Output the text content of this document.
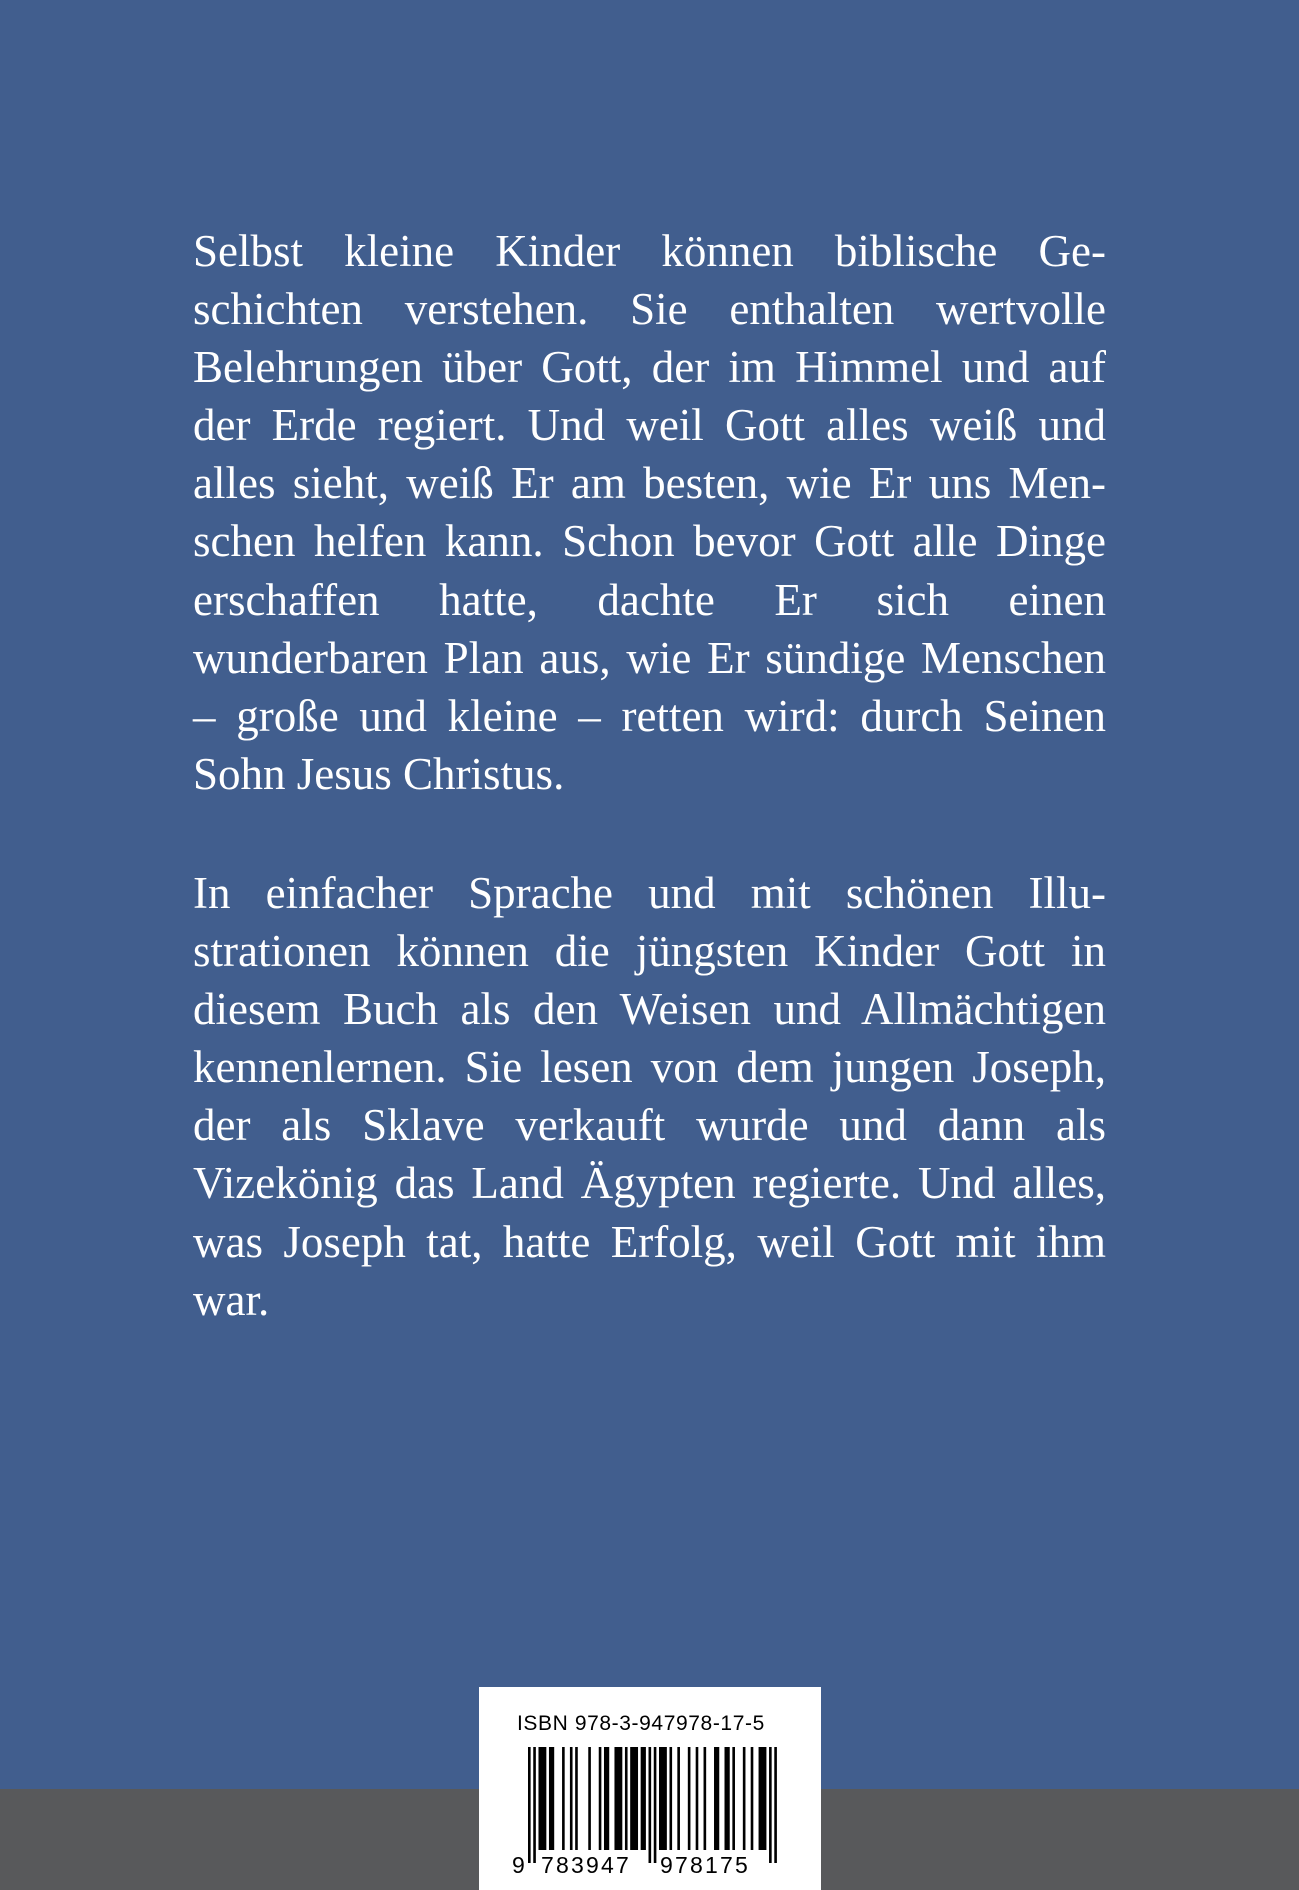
Selbst kleine Kinder können biblische Geschichten verstehen. Sie enthalten wertvolle Belehrungen über Gott, der im Himmel und auf der Erde regiert. Und weil Gott alles weiß und alles sieht, weiß Er am besten, wie Er uns Menschen helfen kann. Schon bevor Gott alle Dinge erschaffen hatte, dachte Er sich einen wunderbaren Plan aus, wie Er sündige Menschen – große und kleine – retten wird: durch Seinen Sohn Jesus Christus.

In einfacher Sprache und mit schönen Illustrationen können die jüngsten Kinder Gott in diesem Buch als den Weisen und Allmächtigen kennenlernen. Sie lesen von dem jungen Joseph, der als Sklave verkauft wurde und dann als Vizekönig das Land Ägypten regierte. Und alles, was Joseph tat, hatte Erfolg, weil Gott mit ihm war.

ISBN 978-3-947978-17-5
9 783947 978175
